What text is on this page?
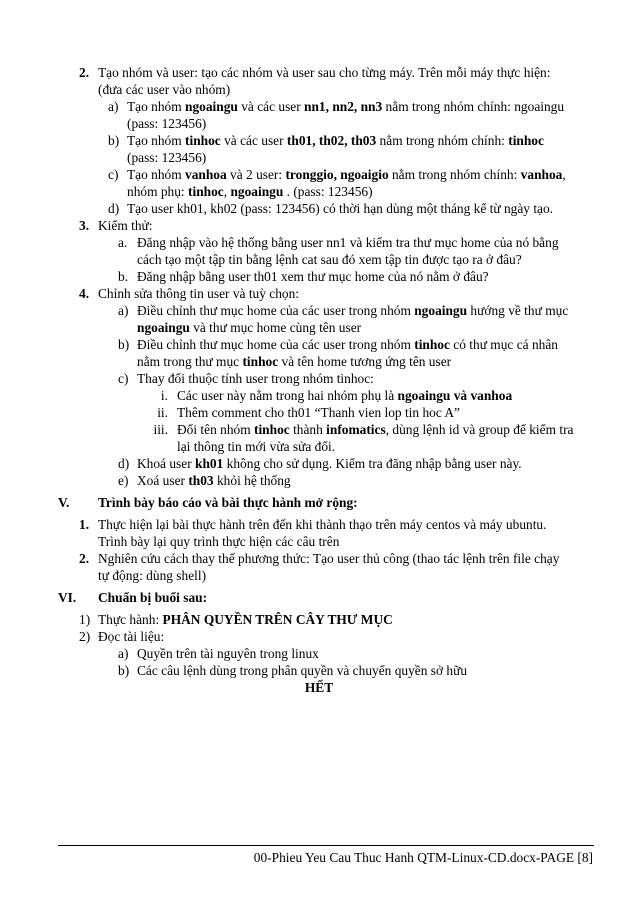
2. Tạo nhóm và user: tạo các nhóm và user sau cho từng máy. Trên mỗi máy thực hiện:
(đưa các user vào nhóm)
a) Tạo nhóm ngoaingu và các user nn1, nn2, nn3 nằm trong nhóm chính: ngoaingu
(pass: 123456)
b) Tạo nhóm tinhoc và các user th01, th02, th03 nằm trong nhóm chính: tinhoc
(pass: 123456)
c) Tạo nhóm vanhoa và 2 user: tronggio, ngoaigio nằm trong nhóm chính: vanhoa,
nhóm phụ: tinhoc, ngoaingu . (pass: 123456)
d) Tạo user kh01, kh02 (pass: 123456) có thời hạn dùng một tháng kể từ ngày tạo.
3. Kiểm thử:
a. Đăng nhập vào hệ thống bằng user nn1 và kiểm tra thư mục home của nó bằng
cách tạo một tập tin bằng lệnh cat sau đó xem tập tin được tạo ra ở đâu?
b. Đăng nhập bằng user th01 xem thư mục home của nó nằm ở đâu?
4. Chỉnh sửa thông tin user và tuỳ chọn:
a) Điều chỉnh thư mục home của các user trong nhóm ngoaingu hướng về thư mục
ngoaingu và thư mục home cùng tên user
b) Điều chỉnh thư mục home của các user trong nhóm tinhoc có thư mục cá nhân
nằm trong thư mục tinhoc và tên home tương ứng tên user
c) Thay đổi thuộc tính user trong nhóm tinhoc:
i. Các user này nằm trong hai nhóm phụ là ngoaingu và vanhoa
ii. Thêm comment cho th01 “Thanh vien lop tin hoc A”
iii. Đổi tên nhóm tinhoc thành infomatics, dùng lệnh id và group để kiểm tra
lại thông tin mới vừa sửa đổi.
d) Khoá user kh01 không cho sử dụng. Kiểm tra đăng nhập bằng user này.
e) Xoá user th03 khỏi hệ thống
V. Trình bày báo cáo và bài thực hành mở rộng:
1. Thực hiện lại bài thực hành trên đến khi thành thạo trên máy centos và máy ubuntu.
Trình bày lại quy trình thực hiện các câu trên
2. Nghiên cứu cách thay thế phương thức: Tạo user thủ công (thao tác lệnh trên file chạy
tự động: dùng shell)
VI. Chuẩn bị buổi sau:
1) Thực hành: PHÂN QUYỀN TRÊN CÂY THƯ MỤC
2) Đọc tài liệu:
a) Quyền trên tài nguyên trong linux
b) Các câu lệnh dùng trong phân quyền và chuyển quyền sở hữu
HẾT
00-Phieu Yeu Cau Thuc Hanh QTM-Linux-CD.docx-PAGE [8]
